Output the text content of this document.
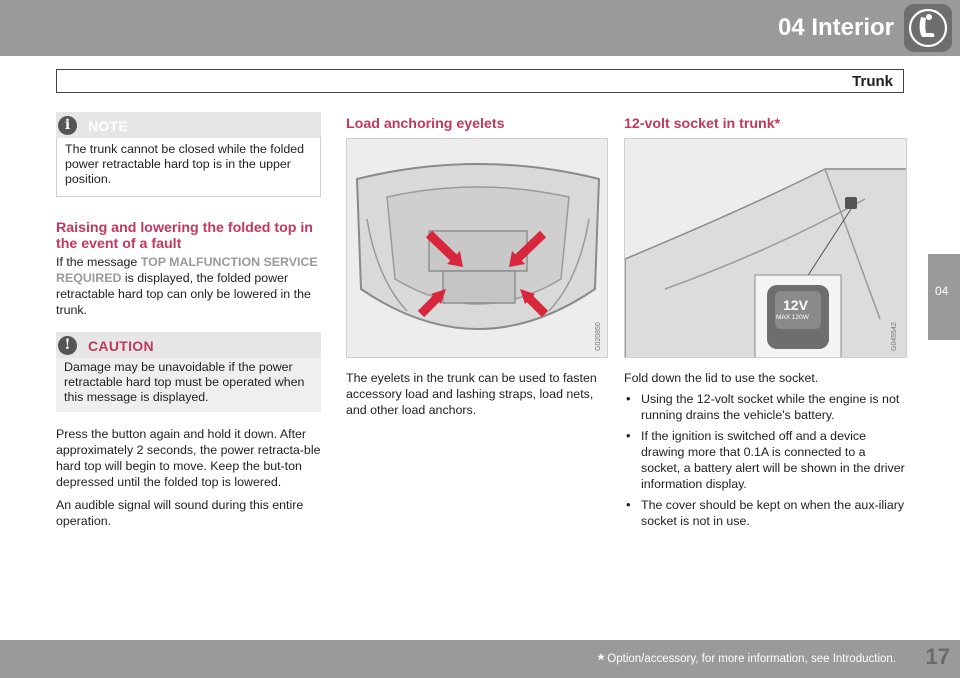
04 Interior
Trunk
04
i	NOTE
The trunk cannot be closed while the folded power retractable hard top is in the upper position.
Raising and lowering the folded top in the event of a fault

If the message TOP MALFUNCTION SERVICE REQUIRED is displayed, the folded power retractable hard top can only be lowered in the trunk.

!	CAUTION
Damage may be unavoidable if the power retractable hard top must be operated when this message is displayed.

Press the button again and hold it down. After approximately 2 seconds, the power retracta-ble hard top will begin to move. Keep the but-ton depressed until the folded top is lowered.

An audible signal will sound during this entire operation.

Load anchoring eyelets
G020850

The eyelets in the trunk can be used to fasten accessory load and lashing straps, load nets, and other load anchors.

12-volt socket in trunk*
12V
MAX 120W
G045542

Fold down the lid to use the socket.

• Using the 12-volt socket while the engine is not running drains the vehicle's battery.
• If the ignition is switched off and a device drawing more that 0.1A is connected to a socket, a battery alert will be shown in the driver information display.
• The cover should be kept on when the aux-iliary socket is not in use.
* Option/accessory, for more information, see Introduction. 17
